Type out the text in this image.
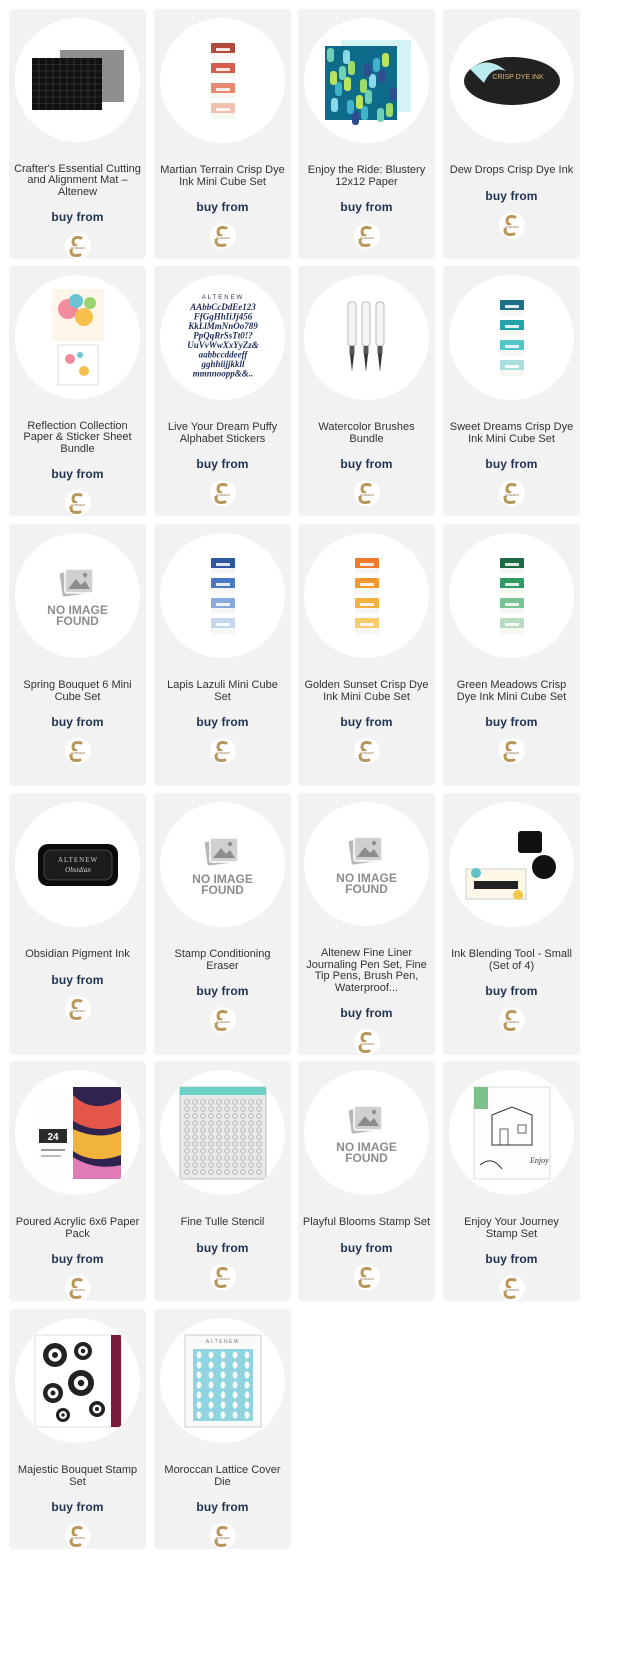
Crafter's Essential Cutting and Alignment Mat – Altenew
buy from
ALTENEW
Martian Terrain Crisp Dye Ink Mini Cube Set
buy from
ALTENEW
Enjoy the Ride: Blustery 12x12 Paper
buy from
ALTENEW
CRISP DYE INK
Dew Drops Crisp Dye Ink
buy from
ALTENEW
Reflection Collection Paper & Sticker Sheet Bundle
buy from
ALTENEW
ALTENEW
AAbbCcDdEe123
FfGgHhIiJj456
KkLlMmNnOo789
PpQqRrSsTt0!?
UuVvWwXxYyZz&
aabbccddeeff
gghhiijjkkll
mmnnoopp&&..
Live Your Dream Puffy Alphabet Stickers
buy from
ALTENEW
Watercolor Brushes Bundle
buy from
ALTENEW
Sweet Dreams Crisp Dye Ink Mini Cube Set
buy from
ALTENEW
NO IMAGE
FOUND
Spring Bouquet 6 Mini Cube Set
buy from
ALTENEW
Lapis Lazuli Mini Cube Set
buy from
ALTENEW
Golden Sunset Crisp Dye Ink Mini Cube Set
buy from
ALTENEW
Green Meadows Crisp Dye Ink Mini Cube Set
buy from
ALTENEW
ALTENEW
Obsidian
Obsidian Pigment Ink
buy from
ALTENEW
NO IMAGE
FOUND
Stamp Conditioning Eraser
buy from
ALTENEW
NO IMAGE
FOUND
Altenew Fine Liner Journaling Pen Set, Fine Tip Pens, Brush Pen, Waterproof...
buy from
ALTENEW
Ink Blending Tool - Small (Set of 4)
buy from
ALTENEW
24
Poured Acrylic 6x6 Paper Pack
buy from
ALTENEW
Fine Tulle Stencil
buy from
ALTENEW
NO IMAGE
FOUND
Playful Blooms Stamp Set
buy from
ALTENEW
Enjoy
Enjoy Your Journey Stamp Set
buy from
ALTENEW
Majestic Bouquet Stamp Set
buy from
ALTENEW
ALTENEW
Moroccan Lattice Cover Die
buy from
ALTENEW
